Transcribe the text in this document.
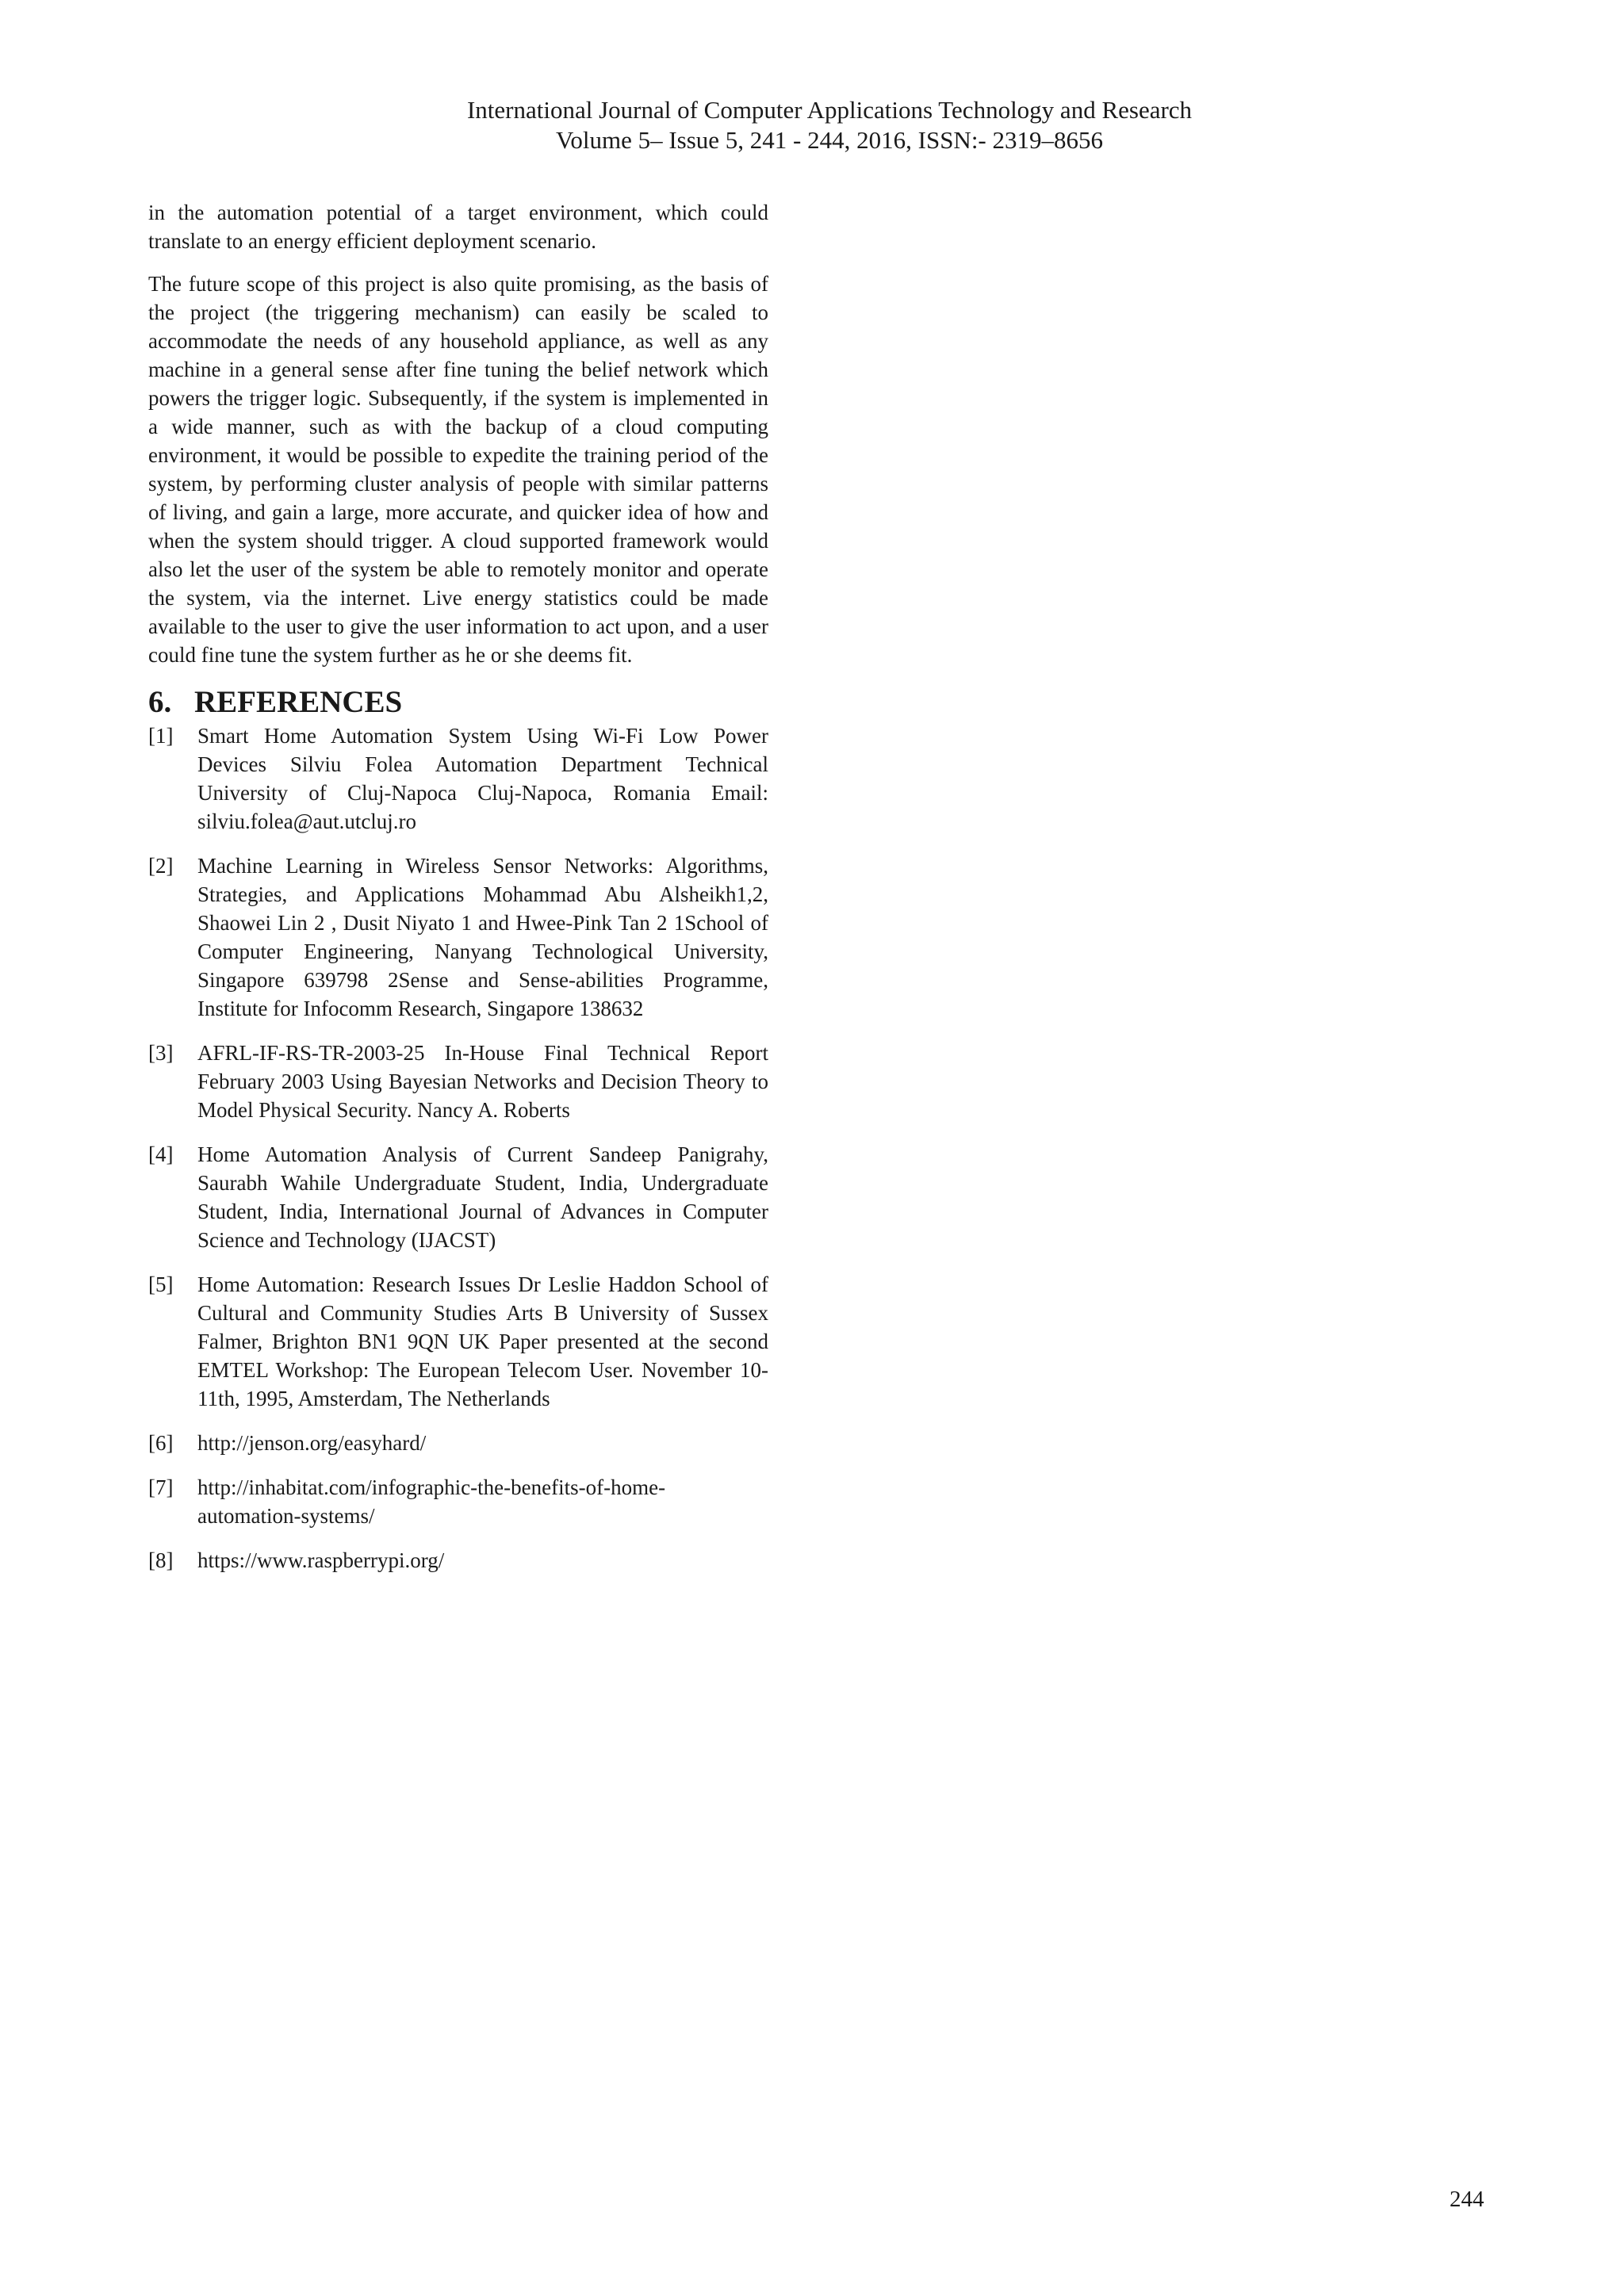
International Journal of Computer Applications Technology and Research
Volume 5– Issue 5, 241 - 244, 2016, ISSN:- 2319–8656

in the automation potential of a target environment, which could translate to an energy efficient deployment scenario.

The future scope of this project is also quite promising, as the basis of the project (the triggering mechanism) can easily be scaled to accommodate the needs of any household appliance, as well as any machine in a general sense after fine tuning the belief network which powers the trigger logic. Subsequently, if the system is implemented in a wide manner, such as with the backup of a cloud computing environment, it would be possible to expedite the training period of the system, by performing cluster analysis of people with similar patterns of living, and gain a large, more accurate, and quicker idea of how and when the system should trigger. A cloud supported framework would also let the user of the system be able to remotely monitor and operate the system, via the internet. Live energy statistics could be made available to the user to give the user information to act upon, and a user could fine tune the system further as he or she deems fit.

6. REFERENCES
[1]	Smart Home Automation System Using Wi-Fi Low Power Devices Silviu Folea Automation Department Technical University of Cluj-Napoca Cluj-Napoca, Romania Email: silviu.folea@aut.utcluj.ro
[2]	Machine Learning in Wireless Sensor Networks: Algorithms, Strategies, and Applications Mohammad Abu Alsheikh1,2, Shaowei Lin 2 , Dusit Niyato 1 and Hwee-Pink Tan 2 1School of Computer Engineering, Nanyang Technological University, Singapore 639798 2Sense and Sense-abilities Programme, Institute for Infocomm Research, Singapore 138632
[3]	AFRL-IF-RS-TR-2003-25 In-House Final Technical Report February 2003 Using Bayesian Networks and Decision Theory to Model Physical Security. Nancy A. Roberts
[4]	Home Automation Analysis of Current Sandeep Panigrahy, Saurabh Wahile Undergraduate Student, India, Undergraduate Student, India, International Journal of Advances in Computer Science and Technology (IJACST)
[5]	Home Automation: Research Issues Dr Leslie Haddon School of Cultural and Community Studies Arts B University of Sussex Falmer, Brighton BN1 9QN UK Paper presented at the second EMTEL Workshop: The European Telecom User. November 10-11th, 1995, Amsterdam, The Netherlands
[6]	http://jenson.org/easyhard/
[7]	http://inhabitat.com/infographic-the-benefits-of-home-automation-systems/
[8]	https://www.raspberrypi.org/
244
